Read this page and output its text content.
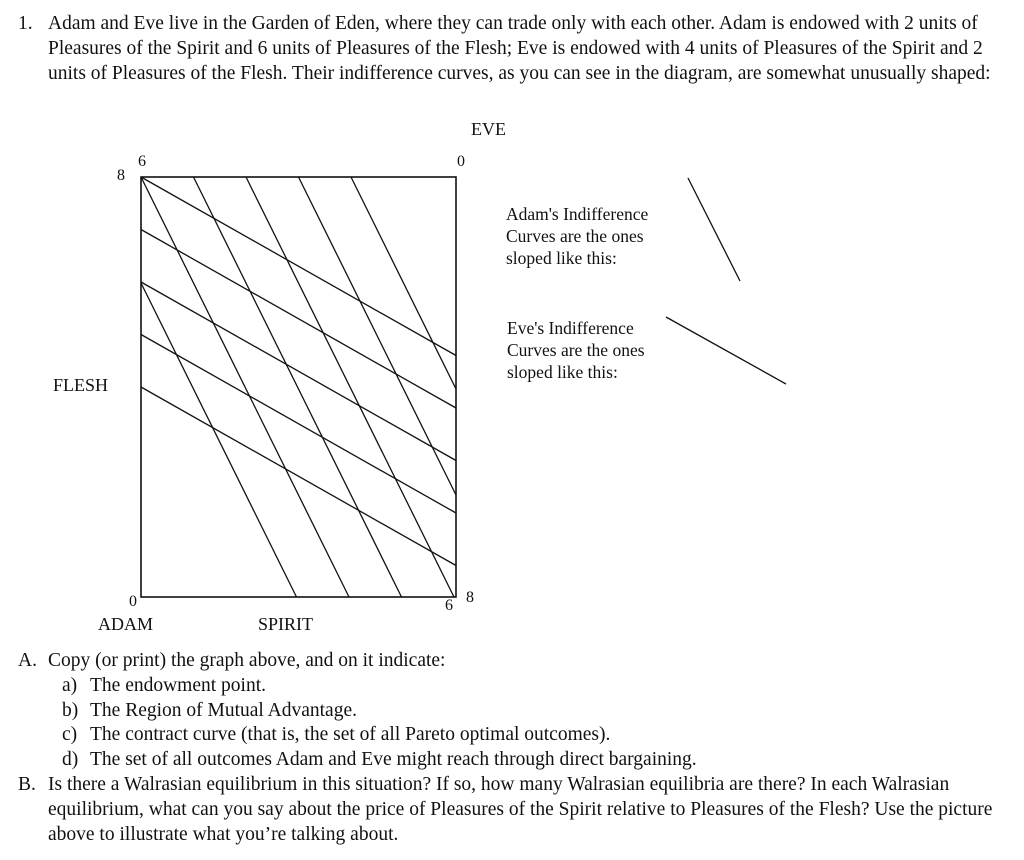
1. Adam and Eve live in the Garden of Eden, where they can trade only with each other. Adam is endowed with 2 units of Pleasures of the Spirit and 6 units of Pleasures of the Flesh; Eve is endowed with 4 units of Pleasures of the Spirit and 2 units of Pleasures of the Flesh. Their indifference curves, as you can see in the diagram, are somewhat unusually shaped:
EVE
6
8
0
FLESH
0	6 8
ADAM	SPIRIT
Adam's Indifference
Curves are the ones
sloped like this:
Eve's Indifference
Curves are the ones
sloped like this:
A. Copy (or print) the graph above, and on it indicate:
a) The endowment point.
b) The Region of Mutual Advantage.
c) The contract curve (that is, the set of all Pareto optimal outcomes).
d) The set of all outcomes Adam and Eve might reach through direct bargaining.
B. Is there a Walrasian equilibrium in this situation? If so, how many Walrasian equilibria are there? In each Walrasian equilibrium, what can you say about the price of Pleasures of the Spirit relative to Pleasures of the Flesh? Use the picture above to illustrate what you’re talking about.
